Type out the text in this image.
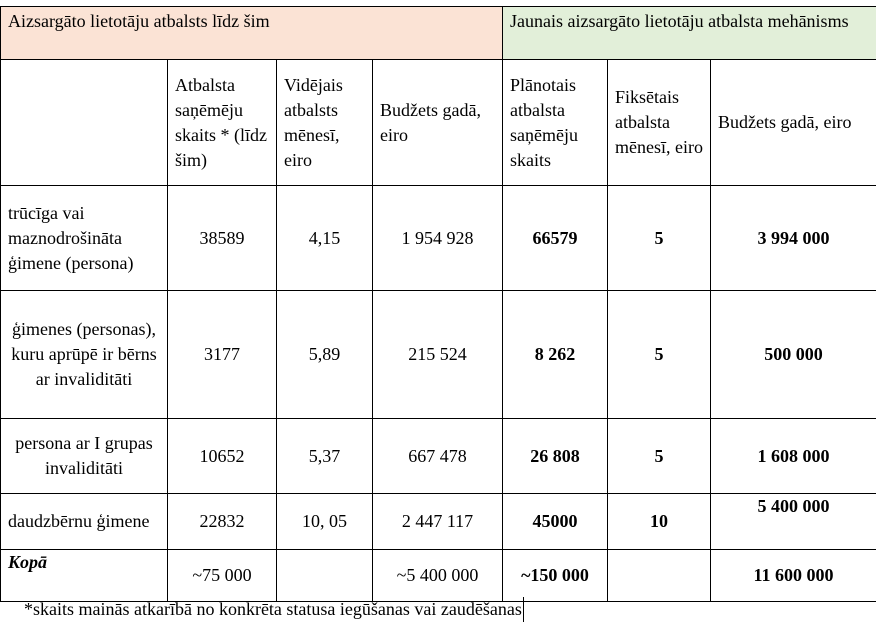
Aizsargāto lietotāju atbalsts līdz šim				Jaunais aizsargāto lietotāju atbalsta mehānisms		
	Atbalsta saņēmēju skaits * (līdz šim)	Vidējais atbalsts mēnesī, eiro	Budžets gadā, eiro	Plānotais atbalsta saņēmēju skaits	Fiksētais atbalsta mēnesī, eiro	Budžets gadā, eiro
trūcīga vai maznodrošināta ģimene (persona)	38589	4,15	1 954 928	66579	5	3 994 000
ģimenes (personas), kuru aprūpē ir bērns ar invaliditāti	3177	5,89	215 524	8 262	5	500 000
persona ar I grupas invaliditāti	10652	5,37	667 478	26 808	5	1 608 000
daudzbērnu ģimene	22832	10, 05	2 447 117	45000	10	5 400 000
Kopā	~75 000		~5 400 000	~150 000		11 600 000
*skaits mainās atkarībā no konkrēta statusa iegūšanas vai zaudēšanas
